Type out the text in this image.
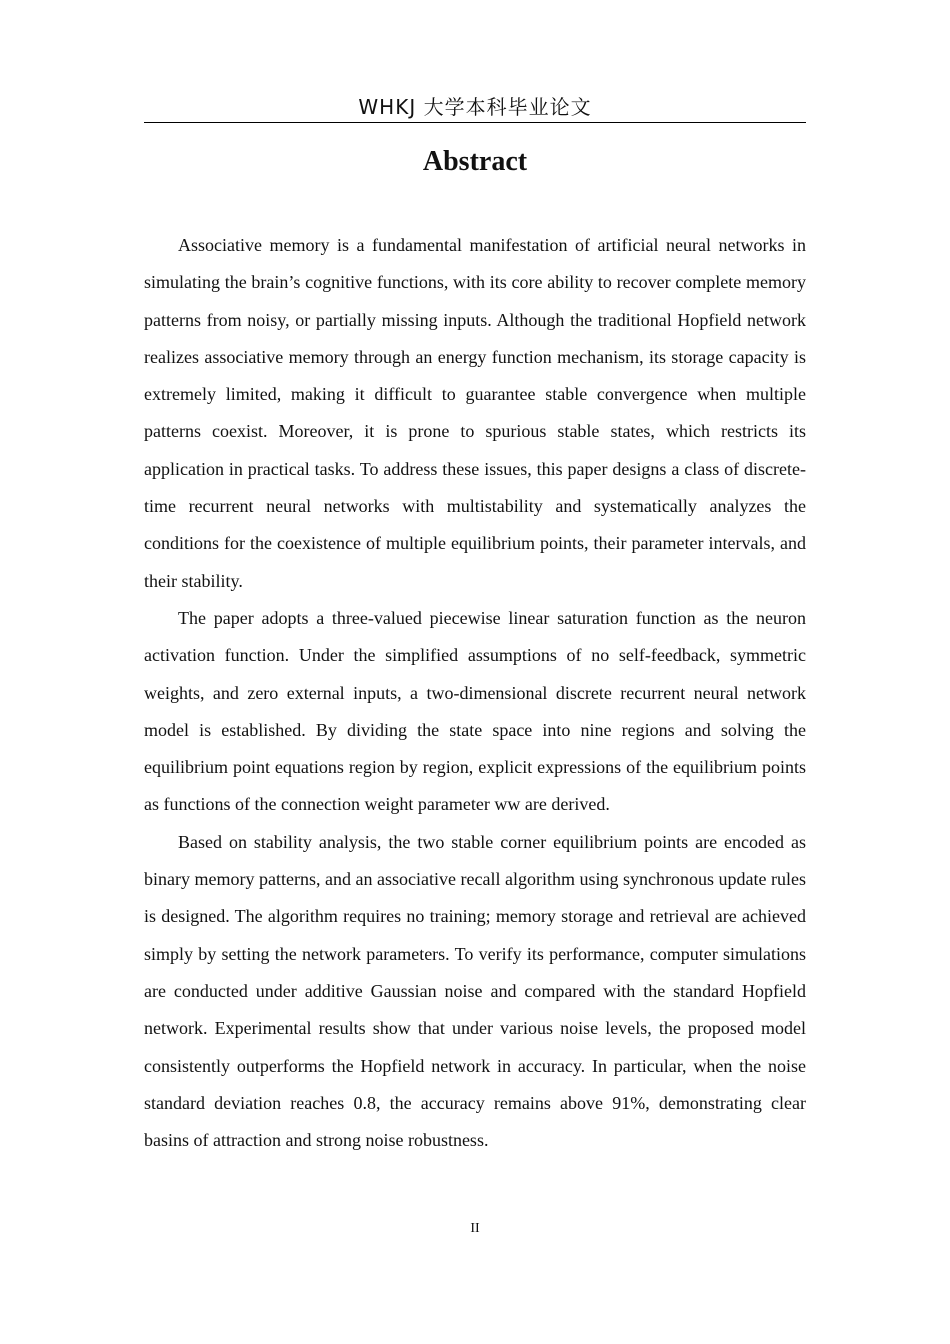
WHKJ 大学本科毕业论文
Abstract

Associative memory is a fundamental manifestation of artificial neural networks in simulating the brain’s cognitive functions, with its core ability to recover complete memory patterns from noisy, or partially missing inputs. Although the traditional Hopfield network realizes associative memory through an energy function mechanism, its storage capacity is extremely limited, making it difficult to guarantee stable convergence when multiple patterns coexist. Moreover, it is prone to spurious stable states, which restricts its application in practical tasks. To address these issues, this paper designs a class of discrete-time recurrent neural networks with multistability and systematically analyzes the conditions for the coexistence of multiple equilibrium points, their parameter intervals, and their stability.

The paper adopts a three-valued piecewise linear saturation function as the neuron activation function. Under the simplified assumptions of no self-feedback, symmetric weights, and zero external inputs, a two-dimensional discrete recurrent neural network model is established. By dividing the state space into nine regions and solving the equilibrium point equations region by region, explicit expressions of the equilibrium points as functions of the connection weight parameter ww are derived.

Based on stability analysis, the two stable corner equilibrium points are encoded as binary memory patterns, and an associative recall algorithm using synchronous update rules is designed. The algorithm requires no training; memory storage and retrieval are achieved simply by setting the network parameters. To verify its performance, computer simulations are conducted under additive Gaussian noise and compared with the standard Hopfield network. Experimental results show that under various noise levels, the proposed model consistently outperforms the Hopfield network in accuracy. In particular, when the noise standard deviation reaches 0.8, the accuracy remains above 91%, demonstrating clear basins of attraction and strong noise robustness.

II
